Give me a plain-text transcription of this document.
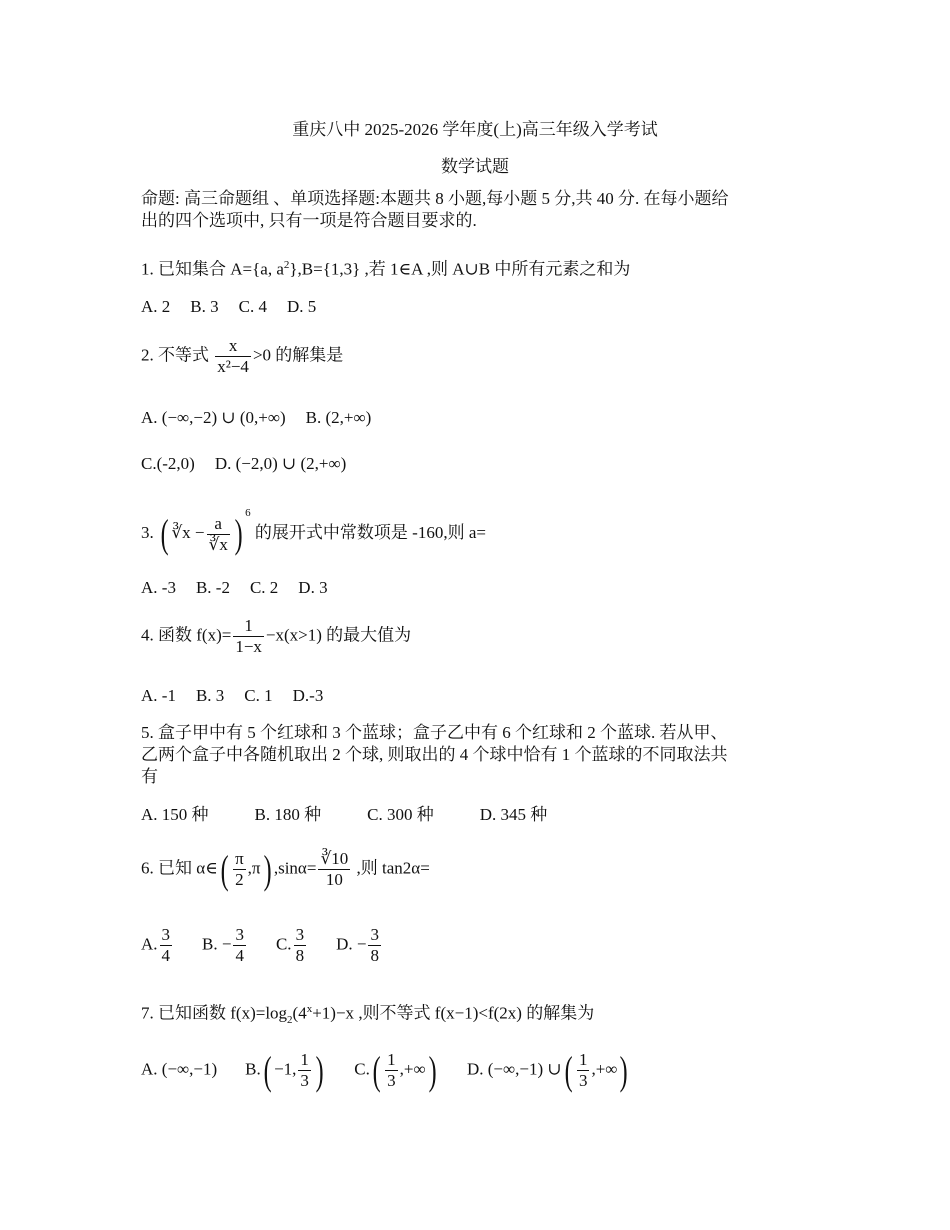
重庆八中 2025-2026 学年度(上)高三年级入学考试
数学试题
命题: 高三命题组 、单项选择题:本题共 8 小题,每小题 5 分,共 40 分. 在每小题给
出的四个选项中, 只有一项是符合题目要求的.
1. 已知集合 A={a, $a^2\},B=\{1,3\}$ ,若 1∈A ,则 A∪B 中所有元素之和为
A. 2 B. 3 C. 4 D. 5
2. 不等式 $\frac{x}{\text{x²−4}} >0$ 的解集是
A. (−∞,−2) ∪ (0,+∞) B. (2,+∞)
C.(-2,0) D. (−2,0) ∪ (2,+∞)
3. ( ∛x − $\frac{a}{∛x}$ ) $^6$ 的展开式中常数项是 -160,则 a=
A. -3 B. -2 C. 2 D. 3
4. 函数 $f(x)= \frac{1}{1-x} -x(x>1)$ 的最大值为
A. -1 B. 3 C. 1 D.-3
5. 盒子甲中有 5 个红球和 3 个蓝球；盒子乙中有 6 个红球和 2 个蓝球. 若从甲、
乙两个盒子中各随机取出 2 个球, 则取出的 4 个球中恰有 1 个蓝球的不同取法共
有
A. 150 种	B. 180 种	C. 300 种	D. 345 种
6. 已知 α∈( $\frac{\pi}{2} ,\pi$) $,\sin\alpha= \frac{∛10}{10}$ ,则 tan2α=
A. $\frac{3}{4} B$. − $\frac{3}{4} C$. $\frac{3}{8} D$. − $\frac{3}{8}$
7. 已知函数 $f(x)=\log_2(4^x+1)-x$ ,则不等式 f(x−1)<f(2x) 的解集为
A. (−∞,−1) B.( −1, $\frac{1}{3}$ ) $C.( \frac{1}{3}$ ,+∞) D. (−∞,−1) ∪( $\frac{1}{3}$ ,+∞)
